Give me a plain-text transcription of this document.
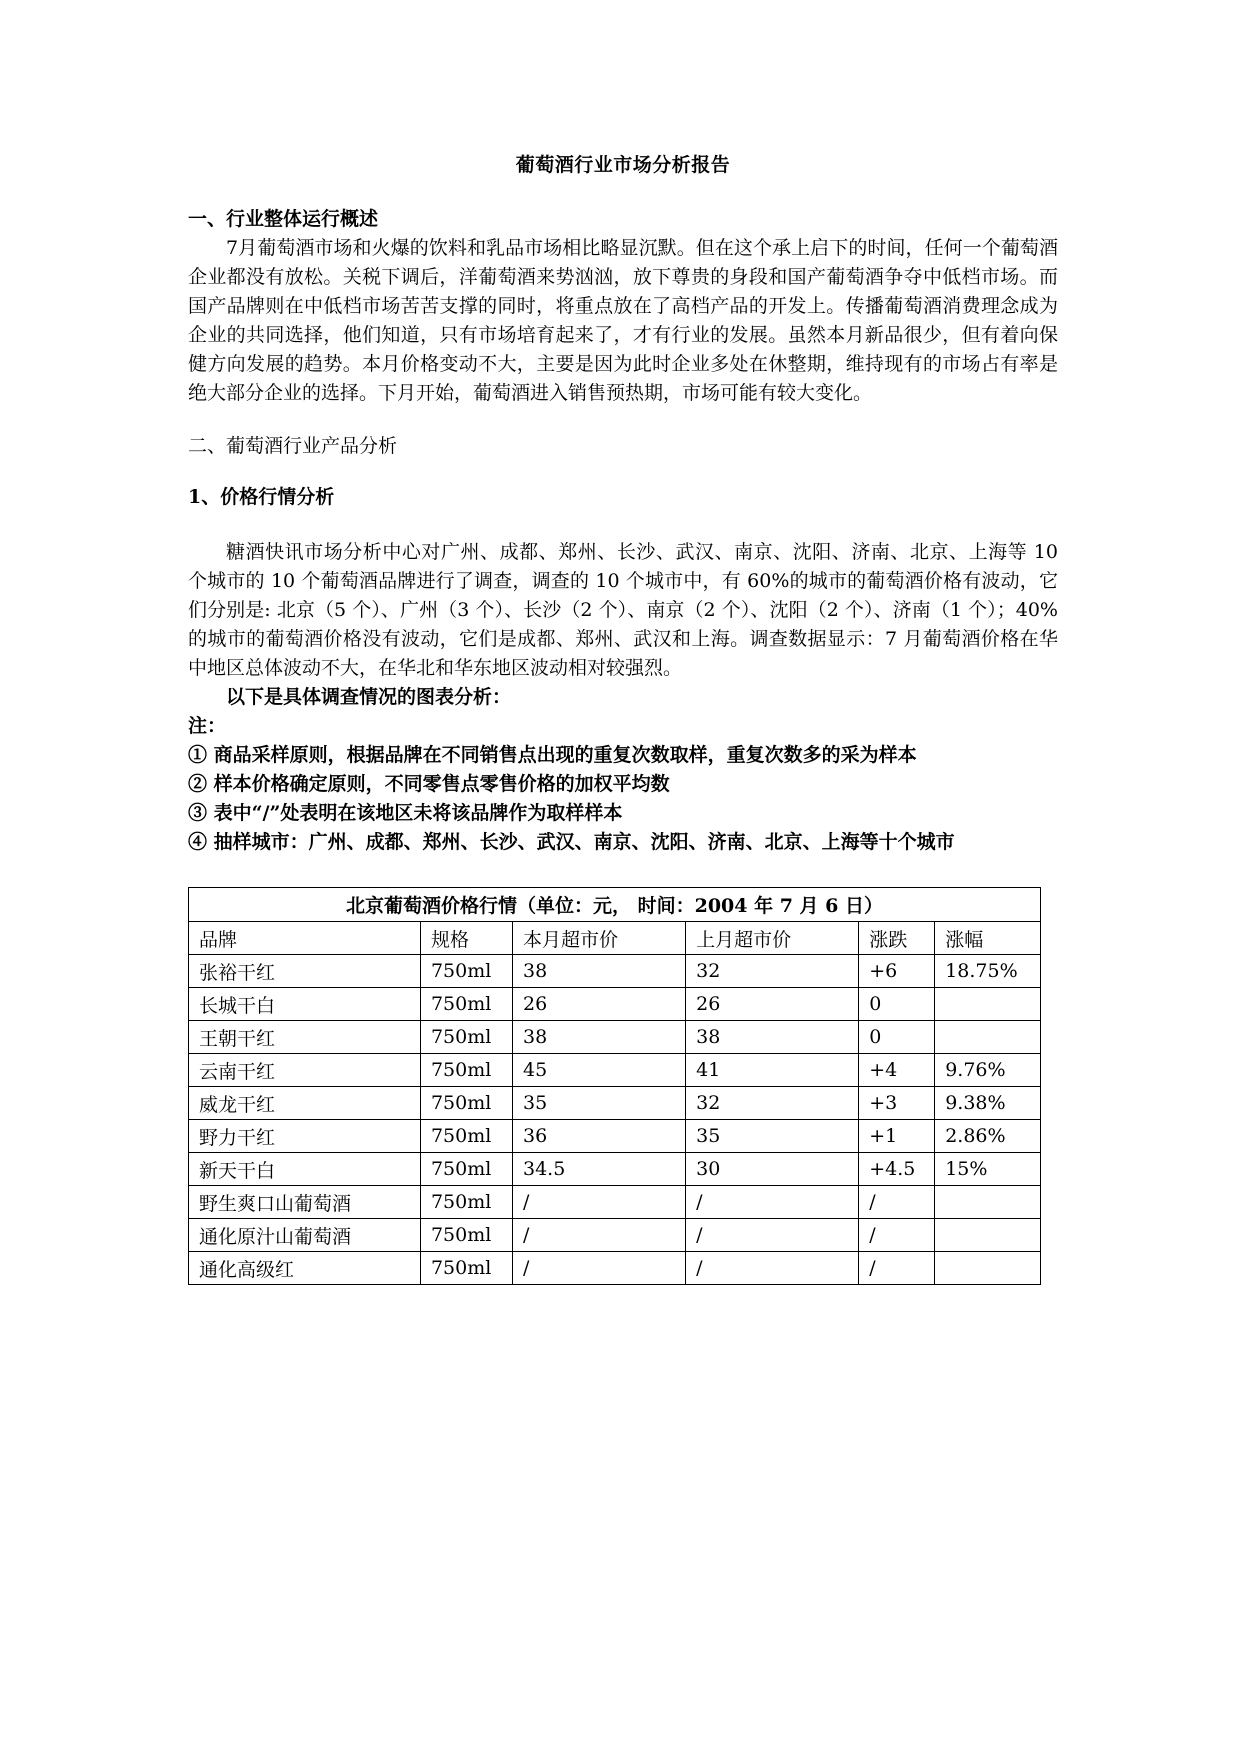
葡萄酒行业市场分析报告
一、行业整体运行概述

7月葡萄酒市场和火爆的饮料和乳品市场相比略显沉默。但在这个承上启下的时间，任何一个葡萄酒企业都没有放松。关税下调后，洋葡萄酒来势汹汹，放下尊贵的身段和国产葡萄酒争夺中低档市场。而国产品牌则在中低档市场苦苦支撑的同时，将重点放在了高档产品的开发上。传播葡萄酒消费理念成为企业的共同选择，他们知道，只有市场培育起来了，才有行业的发展。虽然本月新品很少，但有着向保健方向发展的趋势。本月价格变动不大，主要是因为此时企业多处在休整期，维持现有的市场占有率是绝大部分企业的选择。下月开始，葡萄酒进入销售预热期，市场可能有较大变化。

二、葡萄酒行业产品分析
1、价格行情分析

糖酒快讯市场分析中心对广州、成都、郑州、长沙、武汉、南京、沈阳、济南、北京、上海等 10 个城市的 10 个葡萄酒品牌进行了调查，调查的 10 个城市中，有 60%的城市的葡萄酒价格有波动，它们分别是: 北京（5 个）、广州（3 个）、长沙（2 个）、南京（2 个）、沈阳（2 个）、济南（1 个）；40%的城市的葡萄酒价格没有波动，它们是成都、郑州、武汉和上海。调查数据显示：7 月葡萄酒价格在华中地区总体波动不大，在华北和华东地区波动相对较强烈。

以下是具体调查情况的图表分析：
注：
① 商品采样原则，根据品牌在不同销售点出现的重复次数取样，重复次数多的采为样本
② 样本价格确定原则，不同零售点零售价格的加权平均数
③ 表中“/”处表明在该地区未将该品牌作为取样样本
④ 抽样城市：广州、成都、郑州、长沙、武汉、南京、沈阳、济南、北京、上海等十个城市
北京葡萄酒价格行情（单位：元， 时间：2004 年 7 月 6 日）					
品牌	规格	本月超市价	上月超市价	涨跌	涨幅
张裕干红	750ml	38	32	+6	18.75%
长城干白	750ml	26	26	0	
王朝干红	750ml	38	38	0	
云南干红	750ml	45	41	+4	9.76%
威龙干红	750ml	35	32	+3	9.38%
野力干红	750ml	36	35	+1	2.86%
新天干白	750ml	34.5	30	+4.5	15%
野生爽口山葡萄酒	750ml	/	/	/	
通化原汁山葡萄酒	750ml	/	/	/	
通化高级红	750ml	/	/	/	
